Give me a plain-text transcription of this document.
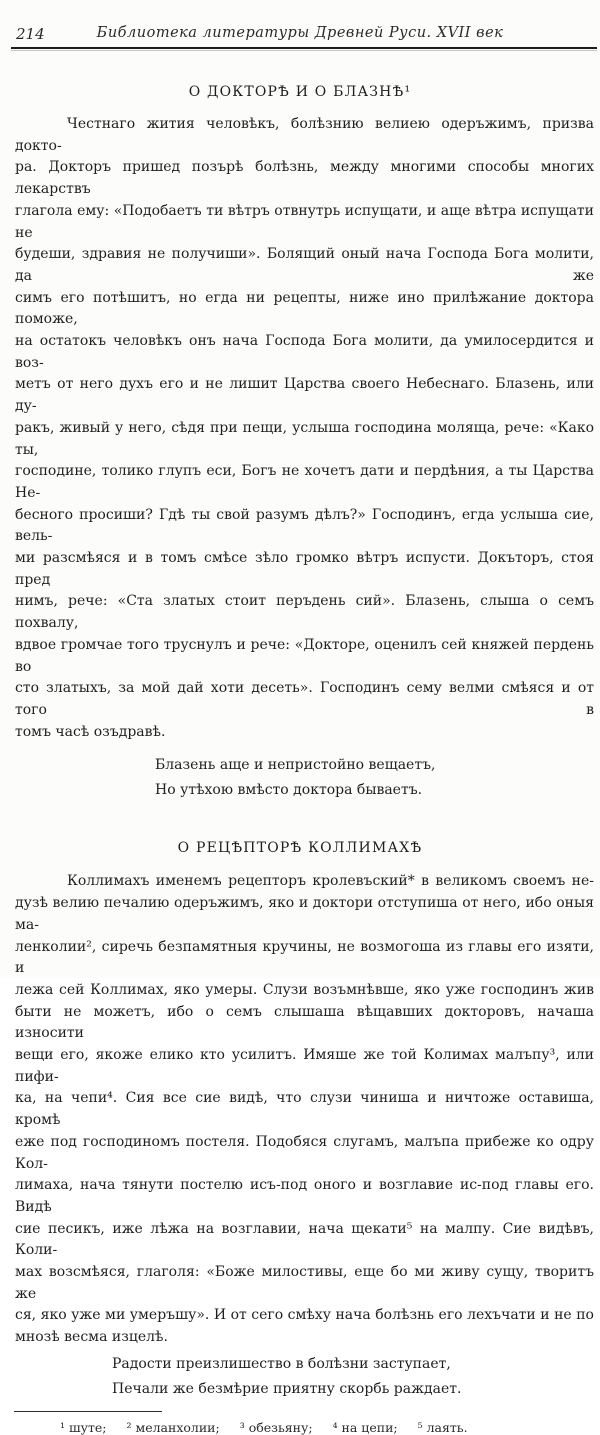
214	Библиотека литературы Древней Руси. XVII век
О ДОКТОРѢ И О БЛАЗНѢ¹
Честнаго жития человѣкъ, болѣзнию велиею одеръжимъ, призва докто-
ра. Докторъ пришед позърѣ болѣзнь, между многими способы многих лекарствъ
глагола ему: «Подобаетъ ти вѣтръ отвнутрь испущати, и аще вѣтра испущати не
будеши, здравия не получиши». Болящий оный нача Господа Бога молити, да же
симъ его потѣшитъ, но егда ни рецепты, ниже ино прилѣжание доктора поможе,
на остатокъ человѣкъ онъ нача Господа Бога молити, да умилосердится и воз-
метъ от него духъ его и не лишит Царства своего Небеснаго. Блазень, или ду-
ракъ, живый у него, сѣдя при пещи, услыша господина моляща, рече: «Како ты,
господине, толико глупъ еси, Богъ не хочетъ дати и пердѣния, а ты Царства Не-
бесного просиши? Гдѣ ты свой разумъ дѣлъ?» Господинъ, егда услыша сие, вель-
ми разсмѣяся и в томъ смѣсе зѣло громко вѣтръ испусти. Докъторъ, стоя пред
нимъ, рече: «Ста златых стоит перъдень сий». Блазень, слыша о семъ похвалу,
вдвое громчае того труснулъ и рече: «Докторе, оценилъ сей княжей пердень во
сто златыхъ, за мой дай хоти десеть». Господинъ сему велми смѣяся и от того в
томъ часѣ озъдравѣ.
Блазень аще и непристойно вещаетъ,
Но утѣхою вмѣсто доктора бываетъ.
О РЕЦѢПТОРѢ КОЛЛИМАХѢ
Коллимахъ именемъ рецепторъ кролевъский* в великомъ своемъ не-
дузѣ велию печалию одеръжимъ, яко и доктори отступиша от него, ибо оныя ма-
ленколии², сиречь безпамятныя кручины, не возмогоша из главы его изяти, и
лежа сей Коллимах, яко умеры. Слузи возъмнѣвше, яко уже господинъ жив
быти не можетъ, ибо о семъ слышаша вѣщавших докторовъ, начаша износити
вещи его, якоже елико кто усилитъ. Имяше же той Колимах малъпу³, или пифи-
ка, на чепи⁴. Сия все сие видѣ, что слузи чиниша и ничтоже оставиша, кромѣ
еже под господиномъ постеля. Подобяся слугамъ, малъпа прибеже ко одру Кол-
лимаха, нача тянути постелю исъ-под оного и возглавие ис-под главы его. Видѣ
сие песикъ, иже лѣжа на возглавии, нача щекати⁵ на малпу. Сие видѣвъ, Коли-
мах возсмѣяся, глаголя: «Боже милостивы, еще бо ми живу сущу, творитъ же
ся, яко уже ми умеръшу». И от сего смѣху нача болѣзнь его лехъчати и не по
мнозѣ весма изцелѣ.
Радости преизлишество в болѣзни заступает,
Печали же безмѣрие приятну скорбь раждает.
¹ шуте; ² меланхолии; ³ обезьяну; ⁴ на цепи; ⁵ лаять.
